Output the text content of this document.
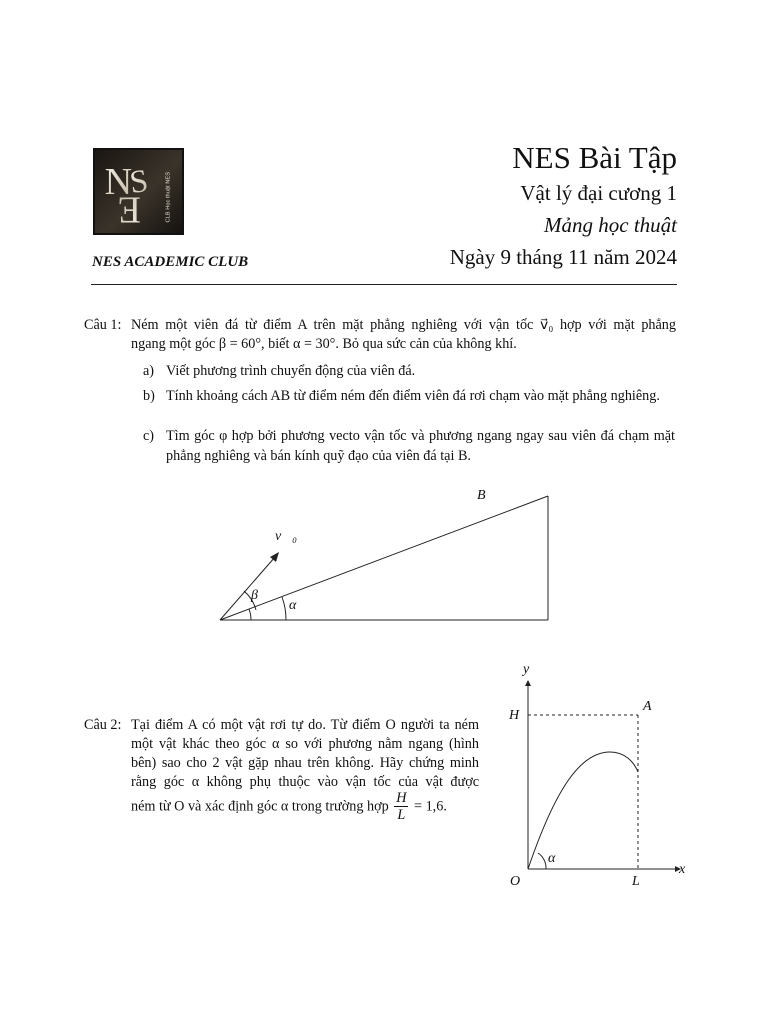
N
S
E	CLB Học thuật NES
NES ACADEMIC CLUB
NES Bài Tập
Vật lý đại cương 1
Mảng học thuật
Ngày 9 tháng 11 năm 2024
Câu 1: Ném một viên đá từ điểm A trên mặt phẳng nghiêng với vận tốc v⃗₀ hợp với mặt phẳng
ngang một góc β = 60°, biết α = 30°. Bỏ qua sức cản của không khí.
a) Viết phương trình chuyển động của viên đá.
b) Tính khoảng cách AB từ điểm ném đến điểm viên đá rơi chạm vào mặt phẳng nghiêng.
c) Tìm góc φ hợp bởi phương vecto vận tốc và phương ngang ngay sau viên đá chạm mặt phẳng nghiêng và bán kính quỹ đạo của viên đá tại B.
B
v⃗₀
β
α
Câu 2: Tại điểm A có một vật rơi tự do. Từ điểm O người ta ném
một vật khác theo góc α so với phương nằm ngang (hình
bên) sao cho 2 vật gặp nhau trên không. Hãy chứng minh
rằng góc α không phụ thuộc vào vận tốc của vật được
ném từ O và xác định góc α trong trường hợp $\frac{H}{L} = 1,6$.
y
x
H
A
O	L
α
